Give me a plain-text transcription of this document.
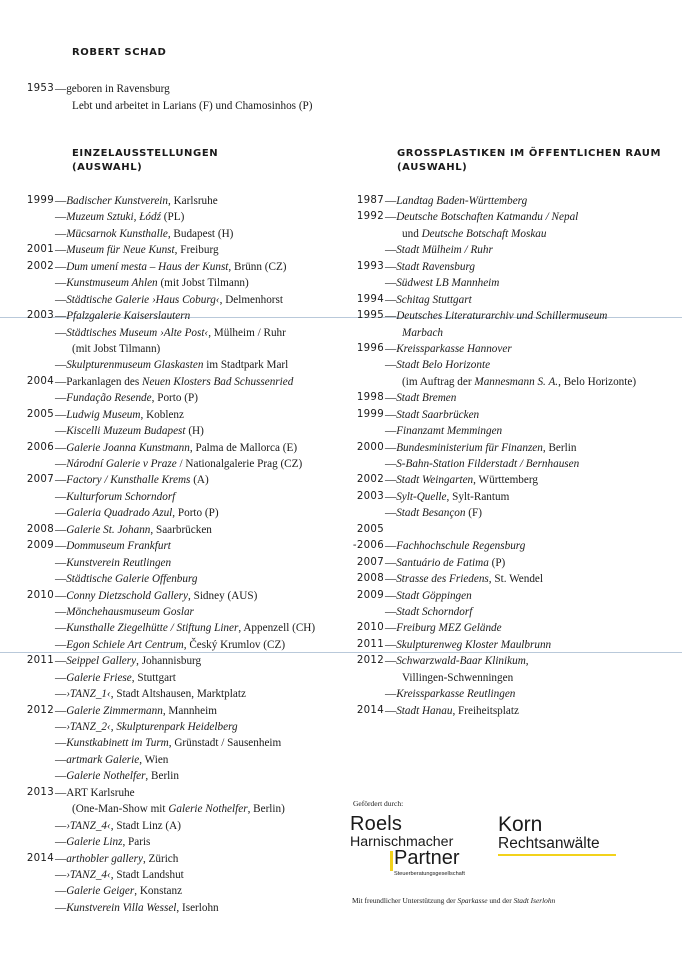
ROBERT SCHAD
1953 —geboren in Ravensburg
Lebt und arbeitet in Larians (F) und Chamosinhos (P)
EINZELAUSSTELLUNGEN
(AUSWAHL)
GROSSPLASTIKEN IM ÖFFENTLICHEN RAUM
(AUSWAHL)
1999 —Badischer Kunstverein, Karlsruhe
—Muzeum Sztuki, Łódź (PL)
—Mücsarnok Kunsthalle, Budapest (H)
2001 —Museum für Neue Kunst, Freiburg
2002 —Dum umení mesta – Haus der Kunst, Brünn (CZ)
—Kunstmuseum Ahlen (mit Jobst Tilmann)
—Städtische Galerie ›Haus Coburg‹, Delmenhorst
2003 —Pfalzgalerie Kaiserslautern
—Städtisches Museum ›Alte Post‹, Mülheim / Ruhr
(mit Jobst Tilmann)
—Skulpturenmuseum Glaskasten im Stadtpark Marl
2004 —Parkanlagen des Neuen Klosters Bad Schussenried
—Fundação Resende, Porto (P)
2005 —Ludwig Museum, Koblenz
—Kiscelli Muzeum Budapest (H)
2006 —Galerie Joanna Kunstmann, Palma de Mallorca (E)
—Národní Galerie v Praze / Nationalgalerie Prag (CZ)
2007 —Factory / Kunsthalle Krems (A)
—Kulturforum Schorndorf
—Galeria Quadrado Azul, Porto (P)
2008 —Galerie St. Johann, Saarbrücken
2009 —Dommuseum Frankfurt
—Kunstverein Reutlingen
—Städtische Galerie Offenburg
2010 —Conny Dietzschold Gallery, Sidney (AUS)
—Mönchehausmuseum Goslar
—Kunsthalle Ziegelhütte / Stiftung Liner, Appenzell (CH)
—Egon Schiele Art Centrum, Český Krumlov (CZ)
2011 —Seippel Gallery, Johannisburg
—Galerie Friese, Stuttgart
—›TANZ_1‹, Stadt Altshausen, Marktplatz
2012 —Galerie Zimmermann, Mannheim
—›TANZ_2‹, Skulpturenpark Heidelberg
—Kunstkabinett im Turm, Grünstadt / Sausenheim
—artmark Galerie, Wien
—Galerie Nothelfer, Berlin
2013 —ART Karlsruhe
(One-Man-Show mit Galerie Nothelfer, Berlin)
—›TANZ_4‹, Stadt Linz (A)
—Galerie Linz, Paris
2014 —arthobler gallery, Zürich
—›TANZ_4‹, Stadt Landshut
—Galerie Geiger, Konstanz
—Kunstverein Villa Wessel, Iserlohn
1987 —Landtag Baden-Württemberg
1992 —Deutsche Botschaften Katmandu / Nepal
und Deutsche Botschaft Moskau
—Stadt Mülheim / Ruhr
1993 —Stadt Ravensburg
—Südwest LB Mannheim
1994 —Schitag Stuttgart
1995 —Deutsches Literaturarchiv und Schillermuseum
Marbach
1996 —Kreissparkasse Hannover
—Stadt Belo Horizonte
(im Auftrag der Mannesmann S. A., Belo Horizonte)
1998 —Stadt Bremen
1999 —Stadt Saarbrücken
—Finanzamt Memmingen
2000 —Bundesministerium für Finanzen, Berlin
—S-Bahn-Station Filderstadt / Bernhausen
2002 —Stadt Weingarten, Württemberg
2003 —Sylt-Quelle, Sylt-Rantum
—Stadt Besançon (F)
2005
-2006 —Fachhochschule Regensburg
2007 —Santuário de Fatima (P)
2008 —Strasse des Friedens, St. Wendel
2009 —Stadt Göppingen
—Stadt Schorndorf
2010 —Freiburg MEZ Gelände
2011 —Skulpturenweg Kloster Maulbrunn
2012 —Schwarzwald-Baar Klinikum,
Villingen-Schwenningen
—Kreissparkasse Reutlingen
2014 —Stadt Hanau, Freiheitsplatz
Gefördert durch:
Roels
Harnischmacher
Partner
Steuerberatungsgesellschaft
Korn
Rechtsanwälte
Mit freundlicher Unterstützung der Sparkasse und der Stadt Iserlohn
